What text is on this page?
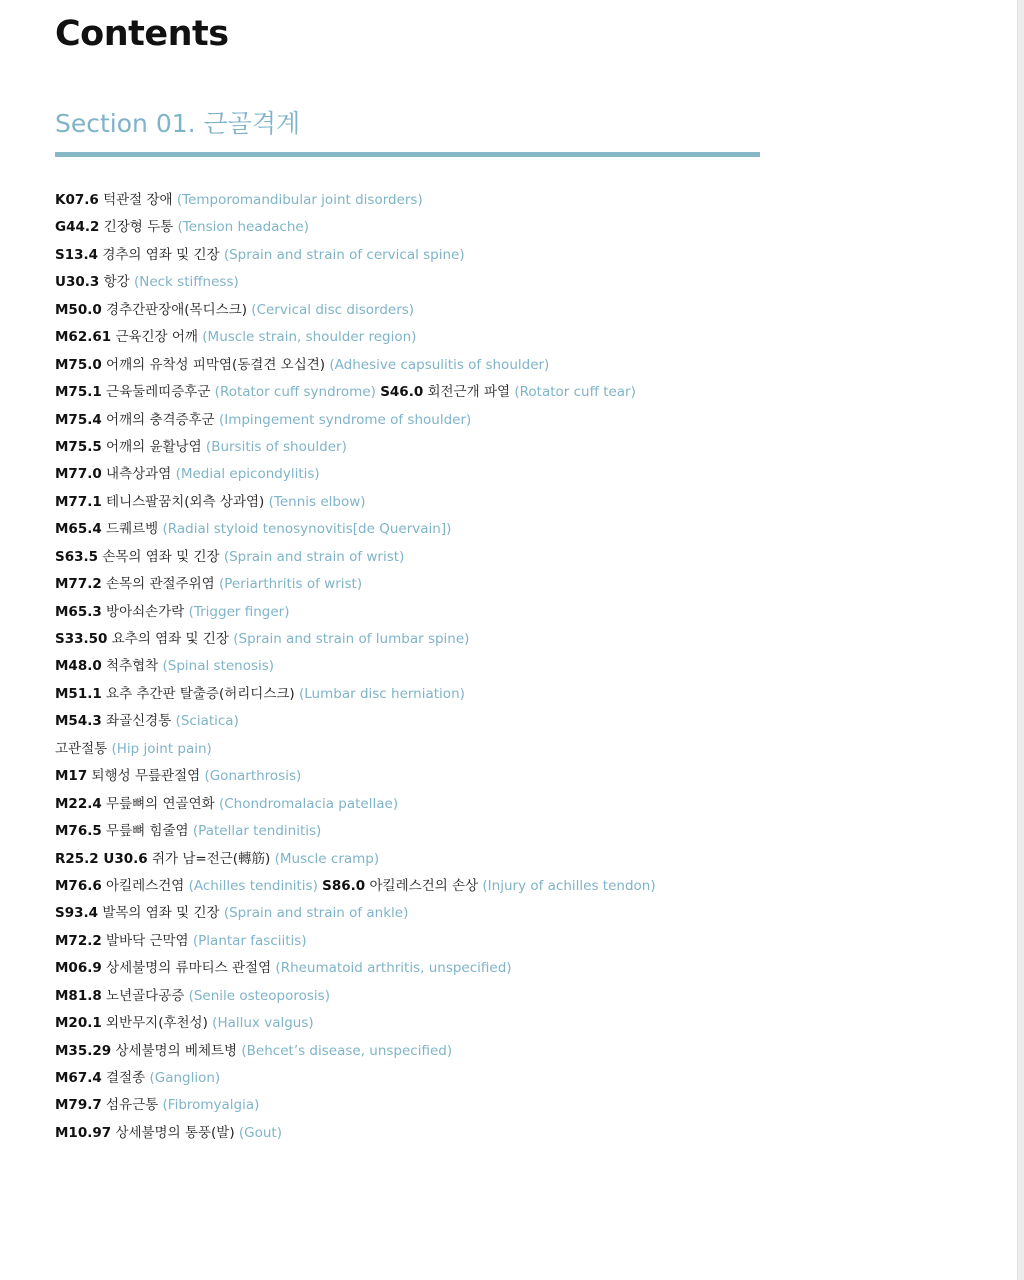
Contents
Section 01. 근골격계
K07.6 턱관절 장애 (Temporomandibular joint disorders)
G44.2 긴장형 두통 (Tension headache)
S13.4 경추의 염좌 및 긴장 (Sprain and strain of cervical spine)
U30.3 항강 (Neck stiffness)
M50.0 경추간판장애(목디스크) (Cervical disc disorders)
M62.61 근육긴장 어깨 (Muscle strain, shoulder region)
M75.0 어깨의 유착성 피막염(동결견 오십견) (Adhesive capsulitis of shoulder)
M75.1 근육둘레띠증후군 (Rotator cuff syndrome) S46.0 회전근개 파열 (Rotator cuff tear)
M75.4 어깨의 충격증후군 (Impingement syndrome of shoulder)
M75.5 어깨의 윤활낭염 (Bursitis of shoulder)
M77.0 내측상과염 (Medial epicondylitis)
M77.1 테니스팔꿈치(외측 상과염) (Tennis elbow)
M65.4 드퀘르벵 (Radial styloid tenosynovitis[de Quervain])
S63.5 손목의 염좌 및 긴장 (Sprain and strain of wrist)
M77.2 손목의 관절주위염 (Periarthritis of wrist)
M65.3 방아쇠손가락 (Trigger finger)
S33.50 요추의 염좌 및 긴장 (Sprain and strain of lumbar spine)
M48.0 척추협착 (Spinal stenosis)
M51.1 요추 추간판 탈출증(허리디스크) (Lumbar disc herniation)
M54.3 좌골신경통 (Sciatica)
고관절통 (Hip joint pain)
M17 퇴행성 무릎관절염 (Gonarthrosis)
M22.4 무릎뼈의 연골연화 (Chondromalacia patellae)
M76.5 무릎뼈 힘줄염 (Patellar tendinitis)
R25.2 U30.6 쥐가 남=전근(轉筋) (Muscle cramp)
M76.6 아킬레스건염 (Achilles tendinitis) S86.0 아킬레스건의 손상 (Injury of achilles tendon)
S93.4 발목의 염좌 및 긴장 (Sprain and strain of ankle)
M72.2 발바닥 근막염 (Plantar fasciitis)
M06.9 상세불명의 류마티스 관절염 (Rheumatoid arthritis, unspecified)
M81.8 노년골다공증 (Senile osteoporosis)
M20.1 외반무지(후천성) (Hallux valgus)
M35.29 상세불명의 베체트병 (Behcet’s disease, unspecified)
M67.4 결절종 (Ganglion)
M79.7 섬유근통 (Fibromyalgia)
M10.97 상세불명의 통풍(발) (Gout)
